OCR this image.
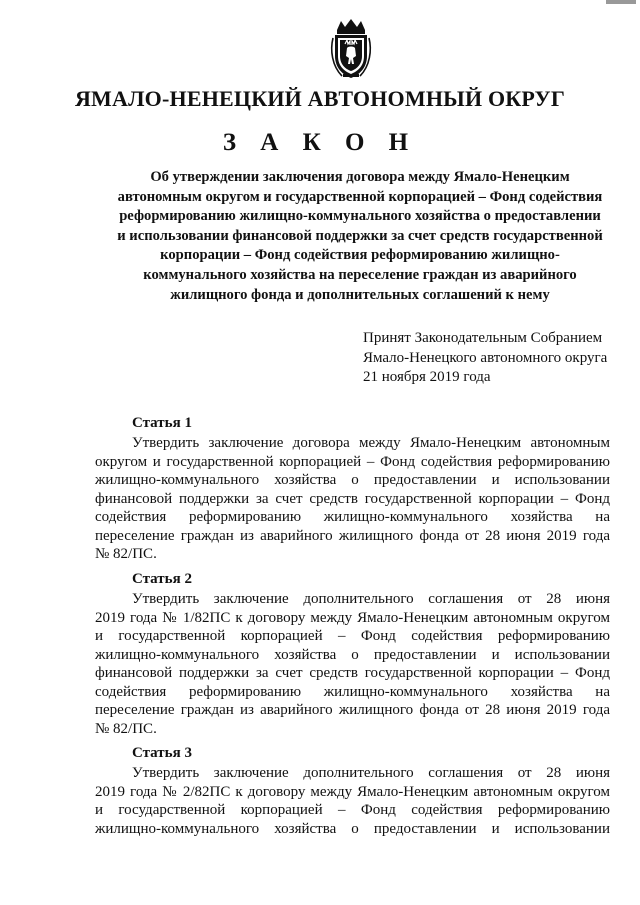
ЯМАЛО-НЕНЕЦКИЙ АВТОНОМНЫЙ ОКРУГ
З А К О Н
Об утверждении заключения договора между Ямало-Ненецким
автономным округом и государственной корпорацией – Фонд содействия
реформированию жилищно-коммунального хозяйства о предоставлении
и использовании финансовой поддержки за счет средств государственной
корпорации – Фонд содействия реформированию жилищно-
коммунального хозяйства на переселение граждан из аварийного
жилищного фонда и дополнительных соглашений к нему
Принят Законодательным Собранием
Ямало-Ненецкого автономного округа
21 ноября 2019 года
Статья 1
Утвердить заключение договора между Ямало-Ненецким автономным
округом и государственной корпорацией – Фонд содействия реформированию
жилищно-коммунального хозяйства о предоставлении и использовании
финансовой поддержки за счет средств государственной корпорации – Фонд
содействия реформированию жилищно-коммунального хозяйства на
переселение граждан из аварийного жилищного фонда от 28 июня 2019 года
№ 82/ПС.
Статья 2
Утвердить заключение дополнительного соглашения от 28 июня
2019 года № 1/82ПС к договору между Ямало-Ненецким автономным округом
и государственной корпорацией – Фонд содействия реформированию
жилищно-коммунального хозяйства о предоставлении и использовании
финансовой поддержки за счет средств государственной корпорации – Фонд
содействия реформированию жилищно-коммунального хозяйства на
переселение граждан из аварийного жилищного фонда от 28 июня 2019 года
№ 82/ПС.
Статья 3
Утвердить заключение дополнительного соглашения от 28 июня
2019 года № 2/82ПС к договору между Ямало-Ненецким автономным округом
и государственной корпорацией – Фонд содействия реформированию
жилищно-коммунального хозяйства о предоставлении и использовании
